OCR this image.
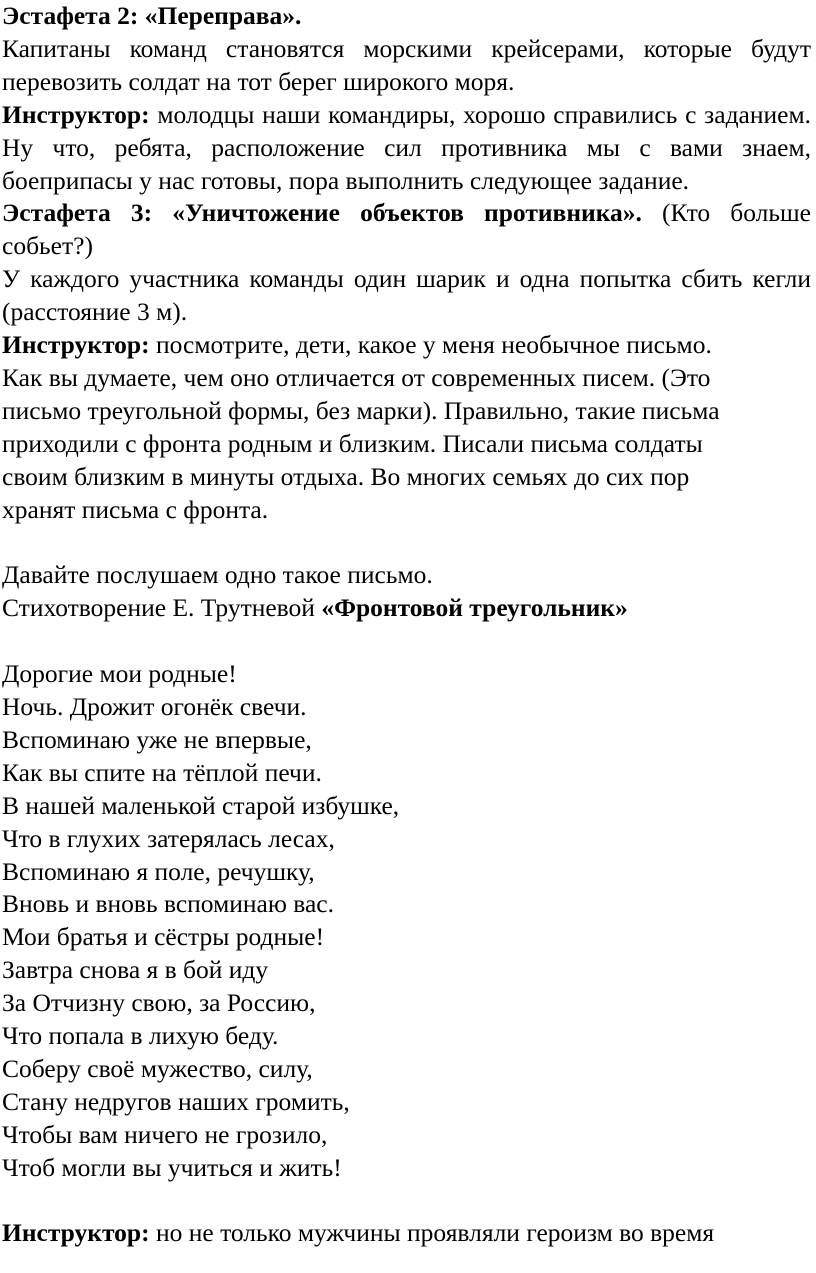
Эстафета 2: «Переправа».
Капитаны команд становятся морскими крейсерами, которые будут перевозить солдат на тот берег широкого моря.

Инструктор: молодцы наши командиры, хорошо справились с заданием. Ну что, ребята, расположение сил противника мы с вами знаем, боеприпасы у нас готовы, пора выполнить следующее задание.

Эстафета 3: «Уничтожение объектов противника». (Кто больше собьет?)

У каждого участника команды один шарик и одна попытка сбить кегли (расстояние 3 м).

Инструктор: посмотрите, дети, какое у меня необычное письмо.
Как вы думаете, чем оно отличается от современных писем. (Это
письмо треугольной формы, без марки). Правильно, такие письма
приходили с фронта родным и близким. Писали письма солдаты
своим близким в минуты отдыха. Во многих семьях до сих пор
хранят письма с фронта.

Давайте послушаем одно такое письмо.
Стихотворение Е. Трутневой «Фронтовой треугольник»

Дорогие мои родные!
Ночь. Дрожит огонёк свечи.
Вспоминаю уже не впервые,
Как вы спите на тёплой печи.
В нашей маленькой старой избушке,
Что в глухих затерялась лесах,
Вспоминаю я поле, речушку,
Вновь и вновь вспоминаю вас.
Мои братья и сёстры родные!
Завтра снова я в бой иду
За Отчизну свою, за Россию,
Что попала в лихую беду.
Соберу своё мужество, силу,
Стану недругов наших громить,
Чтобы вам ничего не грозило,
Чтоб могли вы учиться и жить!

Инструктор: но не только мужчины проявляли героизм во время
